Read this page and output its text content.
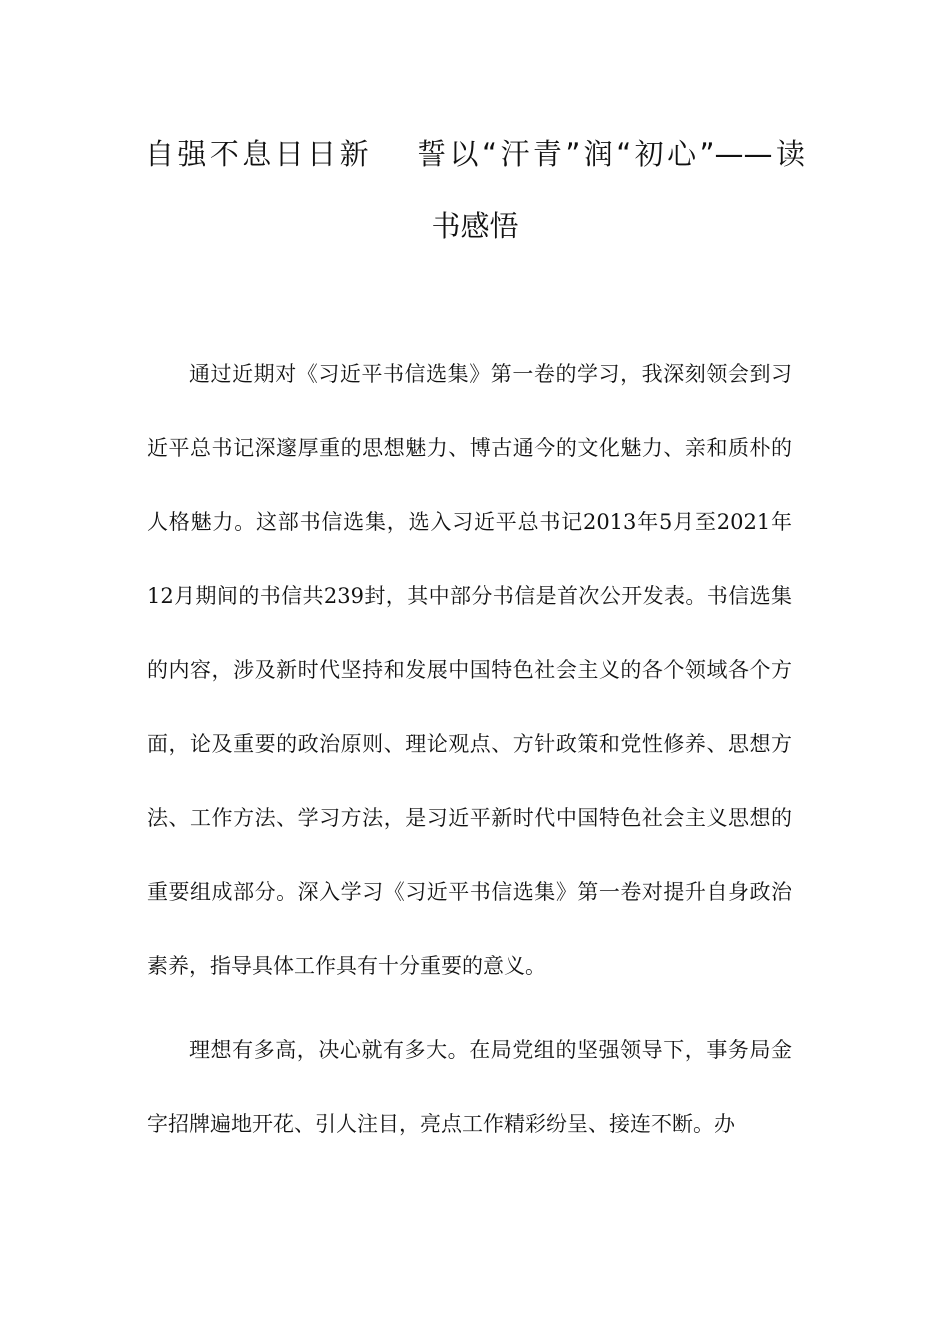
自强不息日日新　 誓以“汗青”润“初心”——读
书感悟

通过近期对《习近平书信选集》第一卷的学习，我深刻领会到习近平总书记深邃厚重的思想魅力、博古通今的文化魅力、亲和质朴的人格魅力。这部书信选集，选入习近平总书记2013年5月至2021年12月期间的书信共239封，其中部分书信是首次公开发表。书信选集的内容，涉及新时代坚持和发展中国特色社会主义的各个领域各个方面，论及重要的政治原则、理论观点、方针政策和党性修养、思想方法、工作方法、学习方法，是习近平新时代中国特色社会主义思想的重要组成部分。深入学习《习近平书信选集》第一卷对提升自身政治素养，指导具体工作具有十分重要的意义。

理想有多高，决心就有多大。在局党组的坚强领导下，事务局金字招牌遍地开花、引人注目，亮点工作精彩纷呈、接连不断。办
